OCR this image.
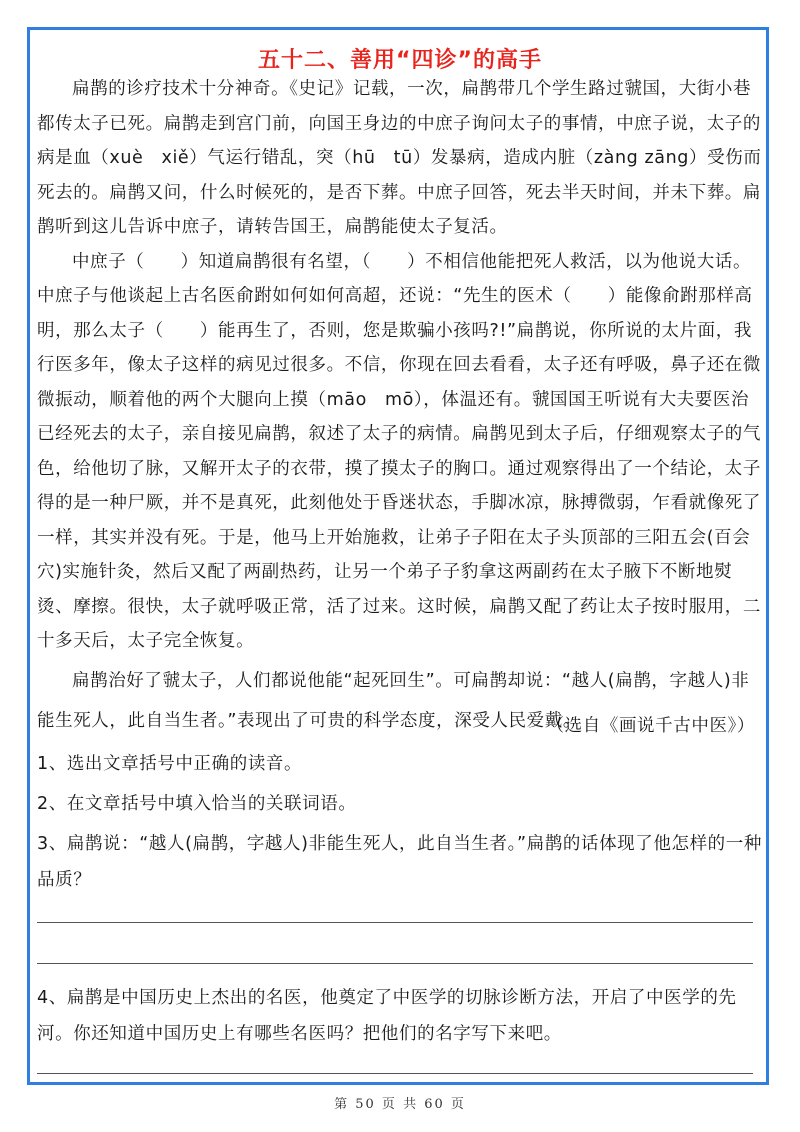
五十二、善用“四诊”的高手

扁鹊的诊疗技术十分神奇。《史记》记载，一次，扁鹊带几个学生路过虢国，大街小巷都传太子已死。扁鹊走到宫门前，向国王身边的中庶子询问太子的事情，中庶子说，太子的病是血（xuè　xiě）气运行错乱，突（hū　tū）发暴病，造成内脏（zàng zāng）受伤而死去的。扁鹊又问，什么时候死的，是否下葬。中庶子回答，死去半天时间，并未下葬。扁鹊听到这儿告诉中庶子，请转告国王，扁鹊能使太子复活。

中庶子（　　）知道扁鹊很有名望，（　　）不相信他能把死人救活，以为他说大话。中庶子与他谈起上古名医俞跗如何如何高超，还说：“先生的医术（　　）能像俞跗那样高明，那么太子（　　）能再生了，否则，您是欺骗小孩吗?!”扁鹊说，你所说的太片面，我行医多年，像太子这样的病见过很多。不信，你现在回去看看，太子还有呼吸，鼻子还在微微振动，顺着他的两个大腿向上摸（māo　mō），体温还有。虢国国王听说有大夫要医治已经死去的太子，亲自接见扁鹊，叙述了太子的病情。扁鹊见到太子后，仔细观察太子的气色，给他切了脉，又解开太子的衣带，摸了摸太子的胸口。通过观察得出了一个结论，太子得的是一种尸厥，并不是真死，此刻他处于昏迷状态，手脚冰凉，脉搏微弱，乍看就像死了一样，其实并没有死。于是，他马上开始施救，让弟子子阳在太子头顶部的三阳五会(百会穴)实施针灸，然后又配了两副热药，让另一个弟子子豹拿这两副药在太子腋下不断地熨烫、摩擦。很快，太子就呼吸正常，活了过来。这时候，扁鹊又配了药让太子按时服用，二十多天后，太子完全恢复。

扁鹊治好了虢太子，人们都说他能“起死回生”。可扁鹊却说：“越人(扁鹊，字越人)非能生死人，此自当生者。”表现出了可贵的科学态度，深受人民爱戴。

（选自《画说千古中医》）

1、选出文章括号中正确的读音。

2、在文章括号中填入恰当的关联词语。

3、扁鹊说：“越人(扁鹊，字越人)非能生死人，此自当生者。”扁鹊的话体现了他怎样的一种品质？

4、扁鹊是中国历史上杰出的名医，他奠定了中医学的切脉诊断方法，开启了中医学的先河。你还知道中国历史上有哪些名医吗？把他们的名字写下来吧。

第 50 页 共 60 页
